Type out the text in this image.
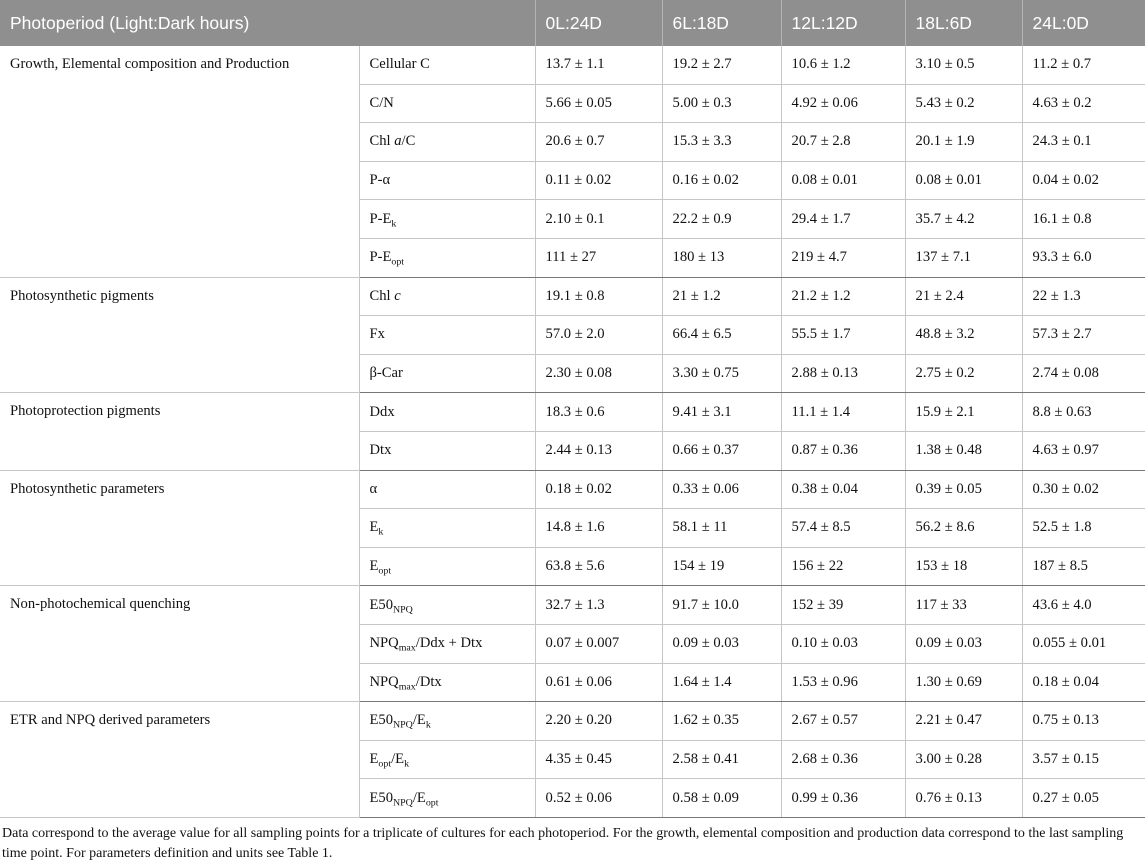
Photoperiod (Light:Dark hours)		0L:24D	6L:18D	12L:12D	18L:6D	24L:0D
Growth, Elemental composition and Production	Cellular C	13.7 ± 1.1	19.2 ± 2.7	10.6 ± 1.2	3.10 ± 0.5	11.2 ± 0.7
	C/N	5.66 ± 0.05	5.00 ± 0.3	4.92 ± 0.06	5.43 ± 0.2	4.63 ± 0.2
	Chl a/C	20.6 ± 0.7	15.3 ± 3.3	20.7 ± 2.8	20.1 ± 1.9	24.3 ± 0.1
	P-α	0.11 ± 0.02	0.16 ± 0.02	0.08 ± 0.01	0.08 ± 0.01	0.04 ± 0.02
	$P-E_k$	2.10 ± 0.1	22.2 ± 0.9	29.4 ± 1.7	35.7 ± 4.2	16.1 ± 0.8
	$P-E_{opt}$	111 ± 27	180 ± 13	219 ± 4.7	137 ± 7.1	93.3 ± 6.0
Photosynthetic pigments	Chl c	19.1 ± 0.8	21 ± 1.2	21.2 ± 1.2	21 ± 2.4	22 ± 1.3
	Fx	57.0 ± 2.0	66.4 ± 6.5	55.5 ± 1.7	48.8 ± 3.2	57.3 ± 2.7
	β-Car	2.30 ± 0.08	3.30 ± 0.75	2.88 ± 0.13	2.75 ± 0.2	2.74 ± 0.08
Photoprotection pigments	Ddx	18.3 ± 0.6	9.41 ± 3.1	11.1 ± 1.4	15.9 ± 2.1	8.8 ± 0.63
	Dtx	2.44 ± 0.13	0.66 ± 0.37	0.87 ± 0.36	1.38 ± 0.48	4.63 ± 0.97
Photosynthetic parameters	α	0.18 ± 0.02	0.33 ± 0.06	0.38 ± 0.04	0.39 ± 0.05	0.30 ± 0.02
	$E_k$	14.8 ± 1.6	58.1 ± 11	57.4 ± 8.5	56.2 ± 8.6	52.5 ± 1.8
	$E_{opt}$	63.8 ± 5.6	154 ± 19	156 ± 22	153 ± 18	187 ± 8.5
Non-photochemical quenching	$E50_{NPQ}$	32.7 ± 1.3	91.7 ± 10.0	152 ± 39	117 ± 33	43.6 ± 4.0
	$NPQ_{max}$/Ddx + Dtx	0.07 ± 0.007	0.09 ± 0.03	0.10 ± 0.03	0.09 ± 0.03	0.055 ± 0.01
	$NPQ_{max}$/Dtx	0.61 ± 0.06	1.64 ± 1.4	1.53 ± 0.96	1.30 ± 0.69	0.18 ± 0.04
ETR and NPQ derived parameters	$E50_{NPQ}/E_k$	2.20 ± 0.20	1.62 ± 0.35	2.67 ± 0.57	2.21 ± 0.47	0.75 ± 0.13
	$E_{opt}/E_k$	4.35 ± 0.45	2.58 ± 0.41	2.68 ± 0.36	3.00 ± 0.28	3.57 ± 0.15
	$E50_{NPQ}/E_{opt}$	0.52 ± 0.06	0.58 ± 0.09	0.99 ± 0.36	0.76 ± 0.13	0.27 ± 0.05
Data correspond to the average value for all sampling points for a triplicate of cultures for each photoperiod. For the growth, elemental composition and production data correspond to the last sampling time point. For parameters definition and units see Table 1.
